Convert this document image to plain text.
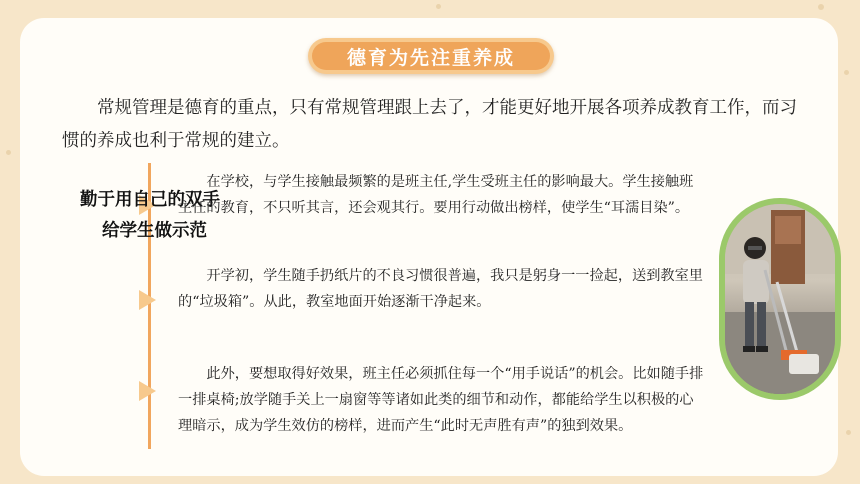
德育为先注重养成

常规管理是德育的重点，只有常规管理跟上去了，才能更好地开展各项养成教育工作，而习惯的养成也利于常规的建立。

勤于用自己的双手
给学生做示范

在学校，与学生接触最频繁的是班主任,学生受班主任的影响最大。学生接触班主任的教育，不只听其言，还会观其行。要用行动做出榜样，使学生“耳濡目染”。

开学初，学生随手扔纸片的不良习惯很普遍，我只是躬身一一捡起，送到教室里的“垃圾箱”。从此，教室地面开始逐渐干净起来。

此外，要想取得好效果，班主任必须抓住每一个“用手说话”的机会。比如随手排一排桌椅;放学随手关上一扇窗等等诸如此类的细节和动作，都能给学生以积极的心理暗示，成为学生效仿的榜样，进而产生“此时无声胜有声”的独到效果。
